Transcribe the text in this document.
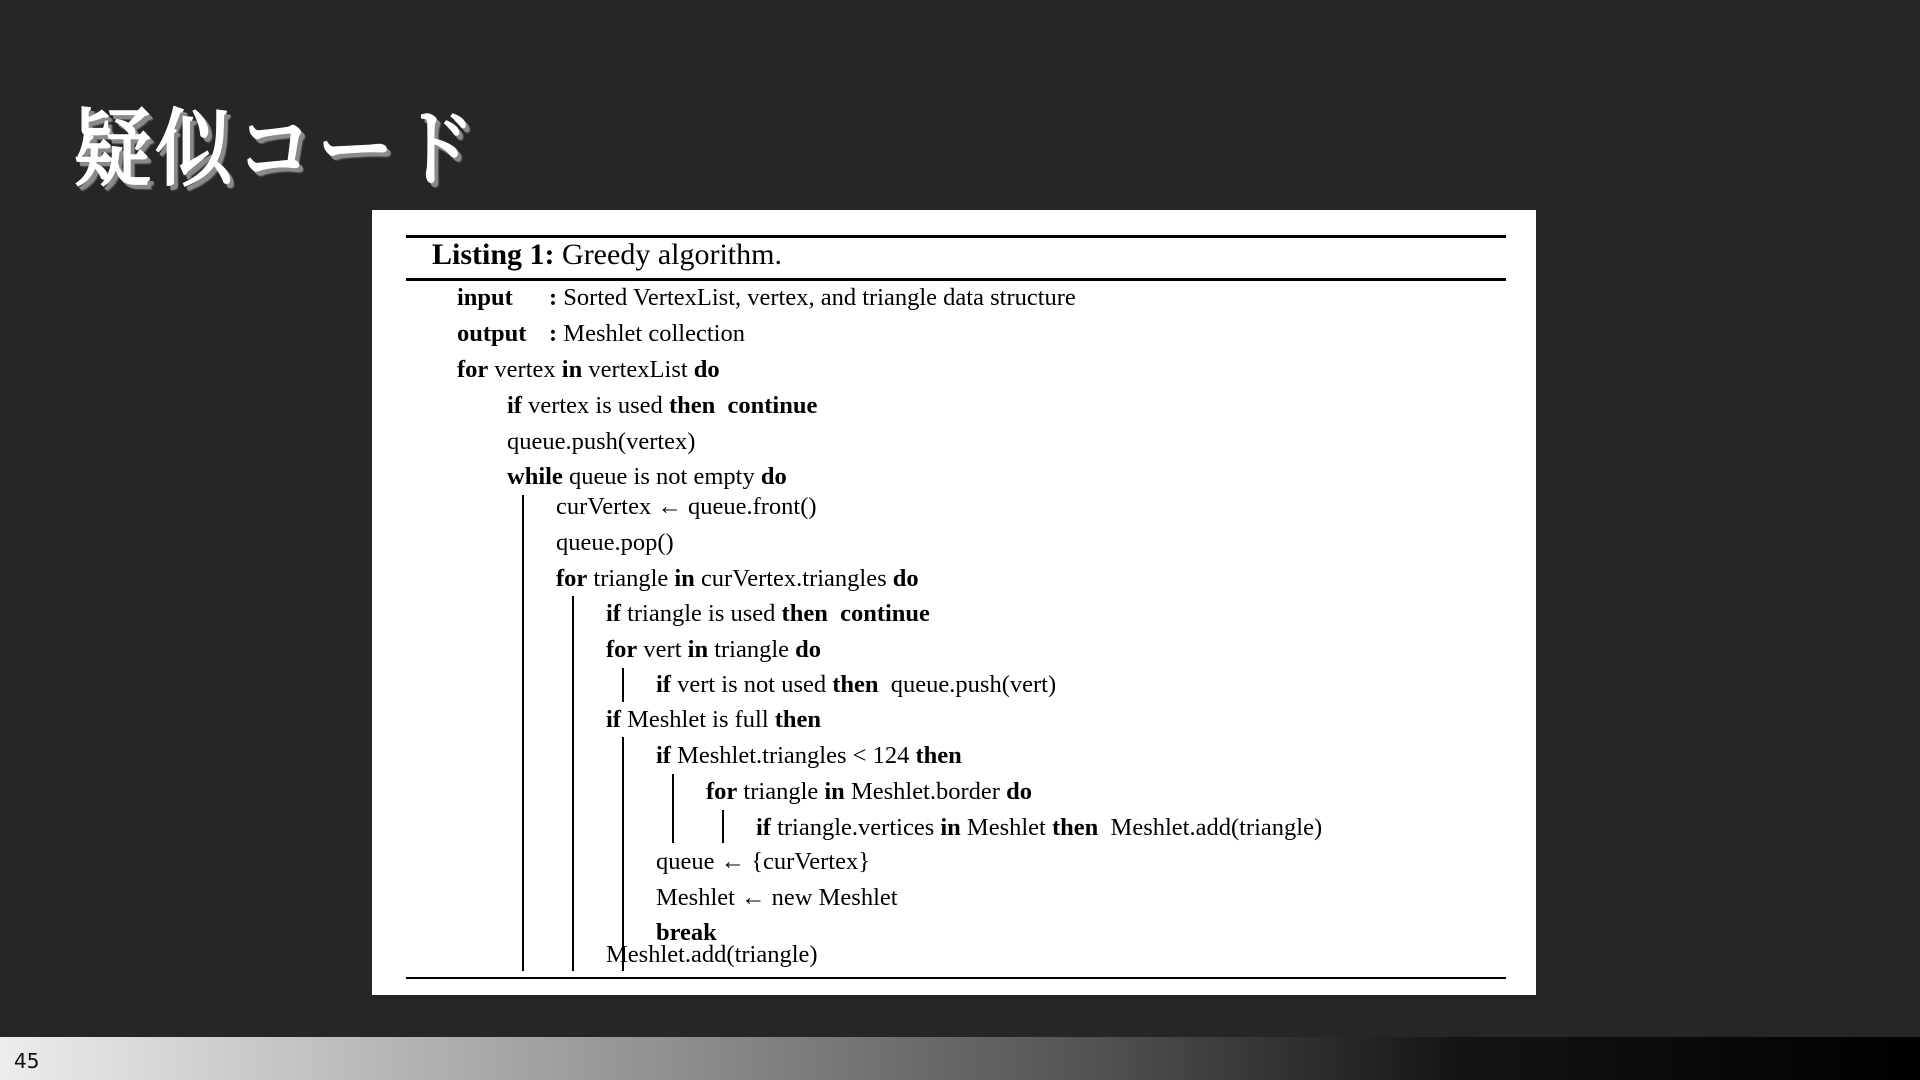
疑似コード
Listing 1: Greedy algorithm.
input : Sorted VertexList, vertex, and triangle data structure
output : Meshlet collection
for vertex in vertexList do
if vertex is used then continue
queue.push(vertex)
while queue is not empty do
curVertex ← queue.front()
queue.pop()
for triangle in curVertex.triangles do
if triangle is used then continue
for vert in triangle do
if vert is not used then queue.push(vert)
if Meshlet is full then
if Meshlet.triangles < 124 then
for triangle in Meshlet.border do
if triangle.vertices in Meshlet then Meshlet.add(triangle)
queue ← {curVertex}
Meshlet ← new Meshlet
break
Meshlet.add(triangle)
45
